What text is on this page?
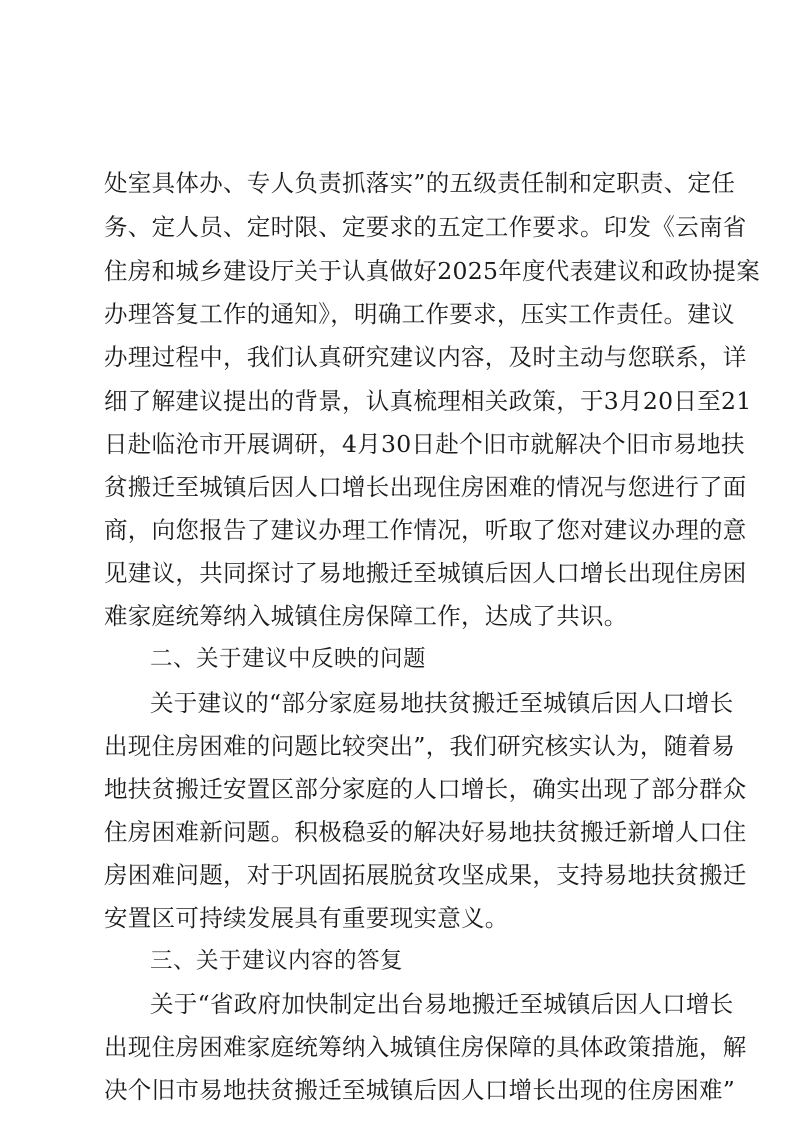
处室具体办、专人负责抓落实”的五级责任制和定职责、定任
务、定人员、定时限、定要求的五定工作要求。印发《云南省
住房和城乡建设厅关于认真做好2025年度代表建议和政协提案
办理答复工作的通知》，明确工作要求，压实工作责任。建议
办理过程中，我们认真研究建议内容，及时主动与您联系，详
细了解建议提出的背景，认真梳理相关政策，于3月20日至21
日赴临沧市开展调研，4月30日赴个旧市就解决个旧市易地扶
贫搬迁至城镇后因人口增长出现住房困难的情况与您进行了面
商，向您报告了建议办理工作情况，听取了您对建议办理的意
见建议，共同探讨了易地搬迁至城镇后因人口增长出现住房困
难家庭统筹纳入城镇住房保障工作，达成了共识。
二、关于建议中反映的问题
关于建议的“部分家庭易地扶贫搬迁至城镇后因人口增长
出现住房困难的问题比较突出”，我们研究核实认为，随着易
地扶贫搬迁安置区部分家庭的人口增长，确实出现了部分群众
住房困难新问题。积极稳妥的解决好易地扶贫搬迁新增人口住
房困难问题，对于巩固拓展脱贫攻坚成果，支持易地扶贫搬迁
安置区可持续发展具有重要现实意义。
三、关于建议内容的答复
关于“省政府加快制定出台易地搬迁至城镇后因人口增长
出现住房困难家庭统筹纳入城镇住房保障的具体政策措施，解
决个旧市易地扶贫搬迁至城镇后因人口增长出现的住房困难”
